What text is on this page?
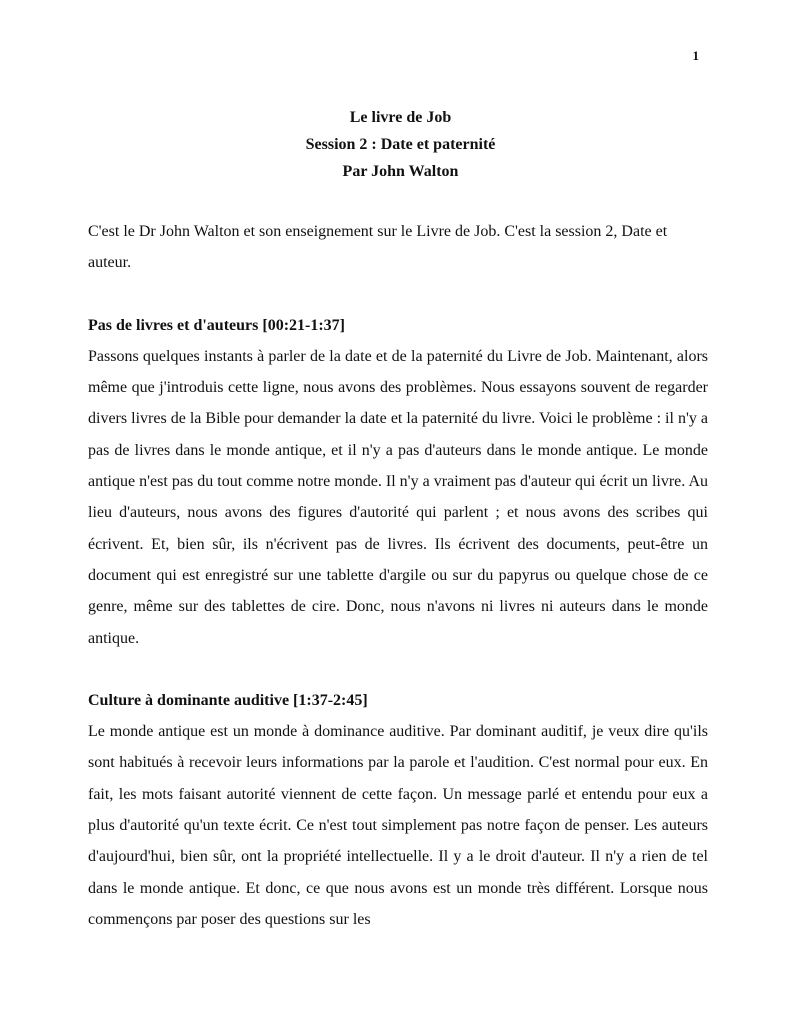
1
Le livre de Job
Session 2 : Date et paternité
Par John Walton

C'est le Dr John Walton et son enseignement sur le Livre de Job. C'est la session 2, Date et auteur.

Pas de livres et d'auteurs [00:21-1:37]

Passons quelques instants à parler de la date et de la paternité du Livre de Job. Maintenant, alors même que j'introduis cette ligne, nous avons des problèmes. Nous essayons souvent de regarder divers livres de la Bible pour demander la date et la paternité du livre. Voici le problème : il n'y a pas de livres dans le monde antique, et il n'y a pas d'auteurs dans le monde antique. Le monde antique n'est pas du tout comme notre monde. Il n'y a vraiment pas d'auteur qui écrit un livre. Au lieu d'auteurs, nous avons des figures d'autorité qui parlent ; et nous avons des scribes qui écrivent. Et, bien sûr, ils n'écrivent pas de livres. Ils écrivent des documents, peut-être un document qui est enregistré sur une tablette d'argile ou sur du papyrus ou quelque chose de ce genre, même sur des tablettes de cire. Donc, nous n'avons ni livres ni auteurs dans le monde antique.

Culture à dominante auditive [1:37-2:45]

Le monde antique est un monde à dominance auditive. Par dominant auditif, je veux dire qu'ils sont habitués à recevoir leurs informations par la parole et l'audition. C'est normal pour eux. En fait, les mots faisant autorité viennent de cette façon. Un message parlé et entendu pour eux a plus d'autorité qu'un texte écrit. Ce n'est tout simplement pas notre façon de penser. Les auteurs d'aujourd'hui, bien sûr, ont la propriété intellectuelle. Il y a le droit d'auteur. Il n'y a rien de tel dans le monde antique. Et donc, ce que nous avons est un monde très différent. Lorsque nous commençons par poser des questions sur les
